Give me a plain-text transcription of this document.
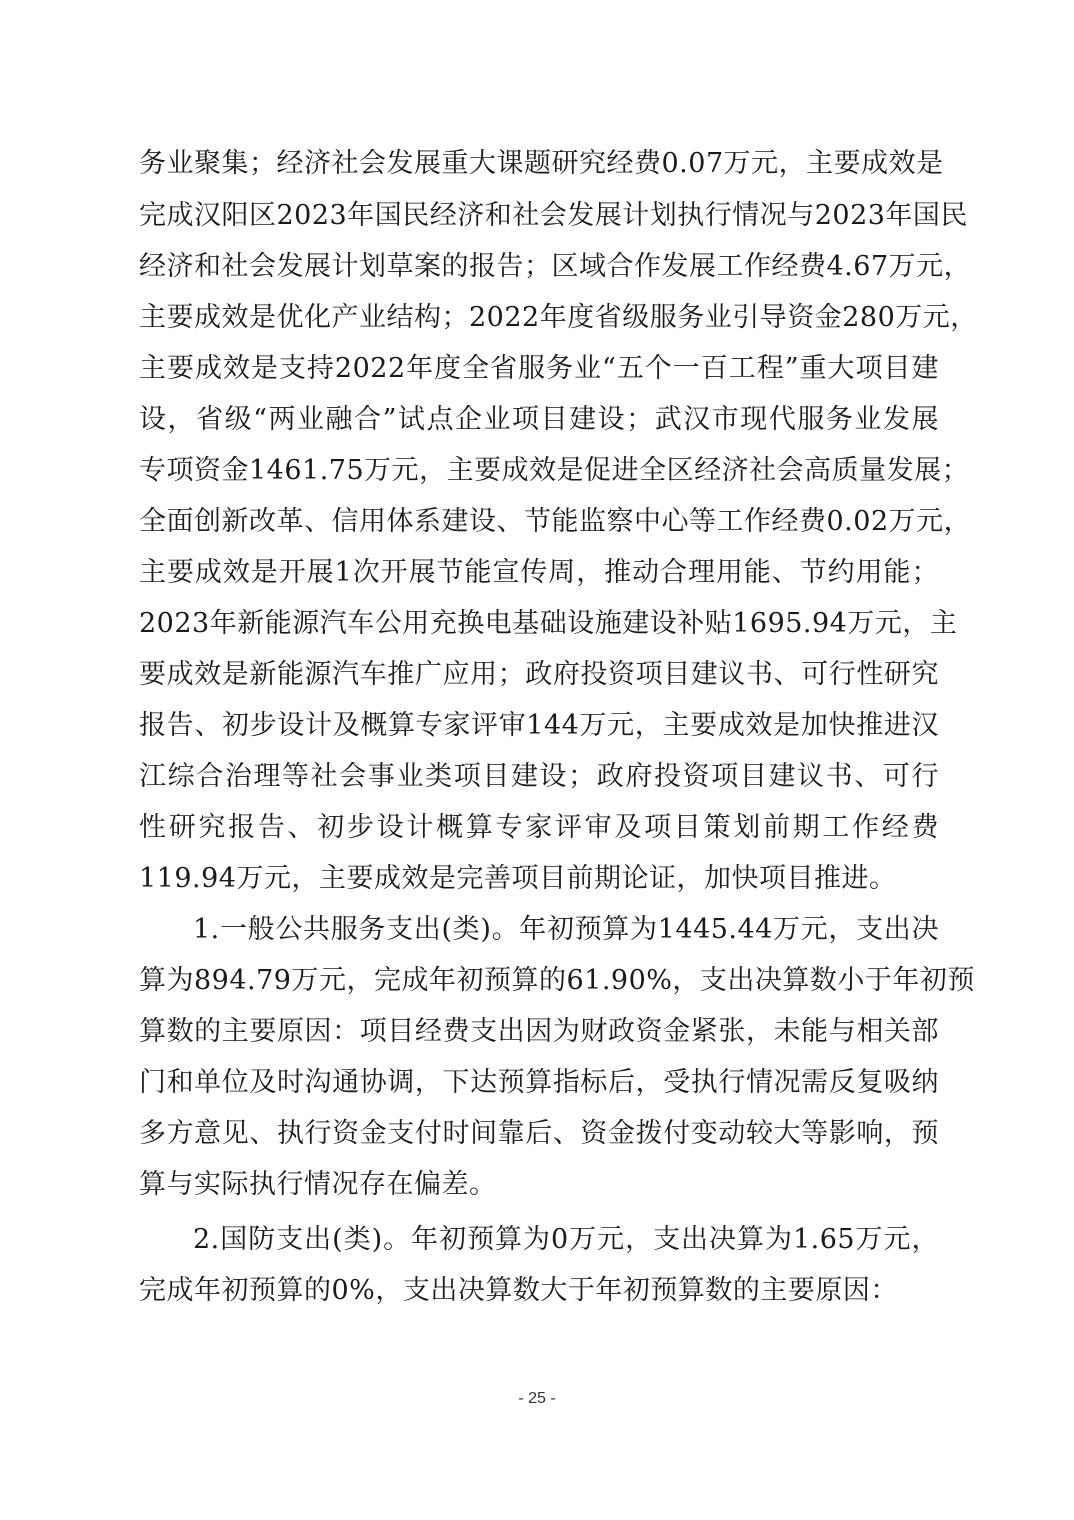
务业聚集；经济社会发展重大课题研究经费0.07万元，主要成效是
完成汉阳区2023年国民经济和社会发展计划执行情况与2023年国民
经济和社会发展计划草案的报告；区域合作发展工作经费4.67万元，
主要成效是优化产业结构；2022年度省级服务业引导资金280万元，
主要成效是支持2022年度全省服务业“五个一百工程”重大项目建
设，省级“两业融合”试点企业项目建设；武汉市现代服务业发展
专项资金1461.75万元，主要成效是促进全区经济社会高质量发展；
全面创新改革、信用体系建设、节能监察中心等工作经费0.02万元，
主要成效是开展1次开展节能宣传周，推动合理用能、节约用能；
2023年新能源汽车公用充换电基础设施建设补贴1695.94万元，主
要成效是新能源汽车推广应用；政府投资项目建议书、可行性研究
报告、初步设计及概算专家评审144万元，主要成效是加快推进汉
江综合治理等社会事业类项目建设；政府投资项目建议书、可行
性研究报告、初步设计概算专家评审及项目策划前期工作经费
119.94万元，主要成效是完善项目前期论证，加快项目推进。
1.一般公共服务支出(类)。年初预算为1445.44万元，支出决
算为894.79万元，完成年初预算的61.90%，支出决算数小于年初预
算数的主要原因：项目经费支出因为财政资金紧张，未能与相关部
门和单位及时沟通协调，下达预算指标后，受执行情况需反复吸纳
多方意见、执行资金支付时间靠后、资金拨付变动较大等影响，预
算与实际执行情况存在偏差。
2.国防支出(类)。年初预算为0万元，支出决算为1.65万元，
完成年初预算的0%，支出决算数大于年初预算数的主要原因：
- 25 -
